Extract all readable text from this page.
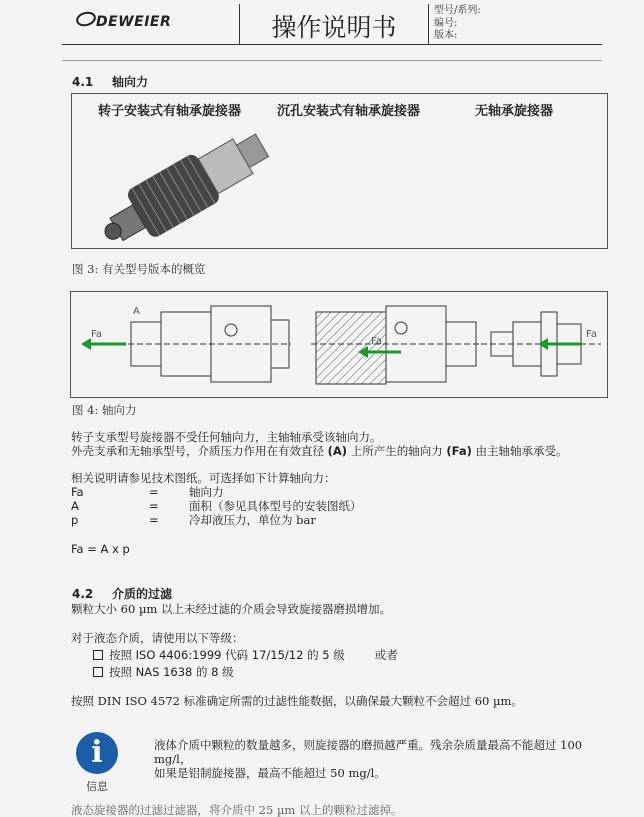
DEWEIER	操作说明书
型号/系列:
编号:
版本:
4.1 轴向力
转子安装式有轴承旋接器	沉孔安装式有轴承旋接器	无轴承旋接器
图 3: 有关型号版本的概览
Fa
Fa
Fa
A
图 4: 轴向力
转子支承型号旋接器不受任何轴向力，主轴轴承受该轴向力。
外壳支承和无轴承型号，介质压力作用在有效直径 (A) 上所产生的轴向力 (Fa) 由主轴轴承承受。
相关说明请参见技术图纸。可选择如下计算轴向力：
Fa	=	轴向力
A	=	面积（参见具体型号的安装图纸）
p	=	冷却液压力，单位为 bar
Fa = A x p
4.2 介质的过滤
颗粒大小 60 µm 以上未经过滤的介质会导致旋接器磨损增加。
对于液态介质，请使用以下等级：
按照 ISO 4406:1999 代码 17/15/12 的 5 级	或者
按照 NAS 1638 的 8 级
按照 DIN ISO 4572 标准确定所需的过滤性能数据，以确保最大颗粒不会超过 60 µm。
i
信息
液体介质中颗粒的数量越多，则旋接器的磨损越严重。残余杂质量最高不能超过 100 mg/l，
如果是铝制旋接器，最高不能超过 50 mg/l。
液态旋接器的过滤过滤器，将介质中 25 µm 以上的颗粒过滤掉。
